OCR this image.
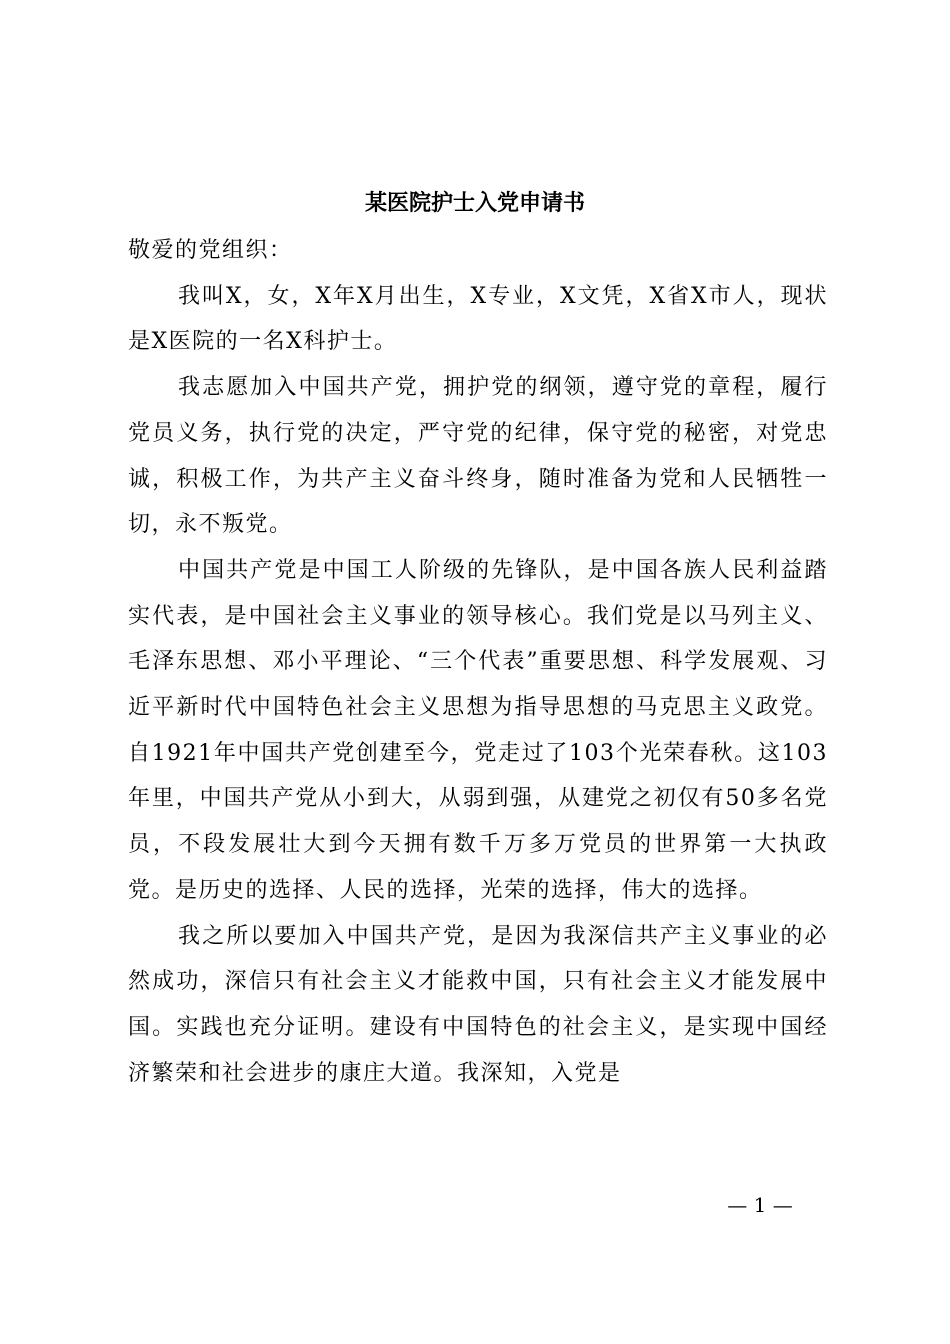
某医院护士入党申请书

敬爱的党组织：

我叫X，女，X年X月出生，X专业，X文凭，X省X市人，现状是X医院的一名X科护士。

我志愿加入中国共产党，拥护党的纲领，遵守党的章程，履行党员义务，执行党的决定，严守党的纪律，保守党的秘密，对党忠诚，积极工作，为共产主义奋斗终身，随时准备为党和人民牺牲一切，永不叛党。

中国共产党是中国工人阶级的先锋队，是中国各族人民利益踏实代表，是中国社会主义事业的领导核心。我们党是以马列主义、毛泽东思想、邓小平理论、“三个代表”重要思想、科学发展观、习近平新时代中国特色社会主义思想为指导思想的马克思主义政党。自1921年中国共产党创建至今，党走过了103个光荣春秋。这103年里，中国共产党从小到大，从弱到强，从建党之初仅有50多名党员，不段发展壮大到今天拥有数千万多万党员的世界第一大执政党。是历史的选择、人民的选择，光荣的选择，伟大的选择。

我之所以要加入中国共产党，是因为我深信共产主义事业的必然成功，深信只有社会主义才能救中国，只有社会主义才能发展中国。实践也充分证明。建设有中国特色的社会主义，是实现中国经济繁荣和社会进步的康庄大道。我深知，入党是

— 1 —
